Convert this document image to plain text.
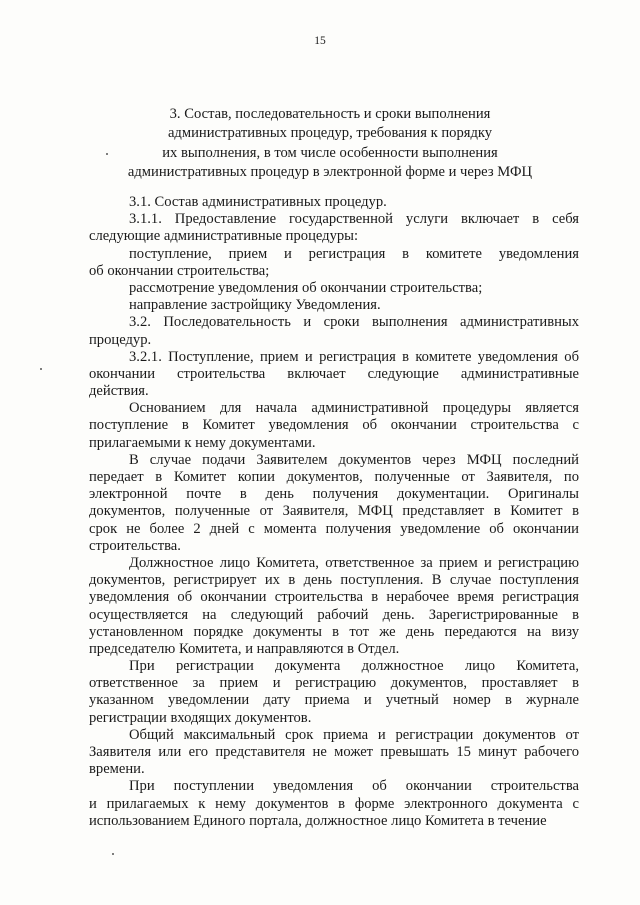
15
3. Состав, последовательность и сроки выполнения
административных процедур, требования к порядку
их выполнения, в том числе особенности выполнения
административных процедур в электронной форме и через МФЦ
3.1. Состав административных процедур.
3.1.1. Предоставление государственной услуги включает в себя
следующие административные процедуры:
поступление, прием и регистрация в комитете уведомления
об окончании строительства;
рассмотрение уведомления об окончании строительства;
направление застройщику Уведомления.
3.2. Последовательность и сроки выполнения административных
процедур.
3.2.1. Поступление, прием и регистрация в комитете уведомления об
окончании строительства включает следующие административные
действия.
Основанием для начала административной процедуры является
поступление в Комитет уведомления об окончании строительства с
прилагаемыми к нему документами.
В случае подачи Заявителем документов через МФЦ последний
передает в Комитет копии документов, полученные от Заявителя, по
электронной почте в день получения документации. Оригиналы
документов, полученные от Заявителя, МФЦ представляет в Комитет в
срок не более 2 дней с момента получения уведомление об окончании
строительства.
Должностное лицо Комитета, ответственное за прием и регистрацию
документов, регистрирует их в день поступления. В случае поступления
уведомления об окончании строительства в нерабочее время регистрация
осуществляется на следующий рабочий день. Зарегистрированные в
установленном порядке документы в тот же день передаются на визу
председателю Комитета, и направляются в Отдел.
При регистрации документа должностное лицо Комитета,
ответственное за прием и регистрацию документов, проставляет в
указанном уведомлении дату приема и учетный номер в журнале
регистрации входящих документов.
Общий максимальный срок приема и регистрации документов от
Заявителя или его представителя не может превышать 15 минут рабочего
времени.
При поступлении уведомления об окончании строительства
и прилагаемых к нему документов в форме электронного документа с
использованием Единого портала, должностное лицо Комитета в течение
